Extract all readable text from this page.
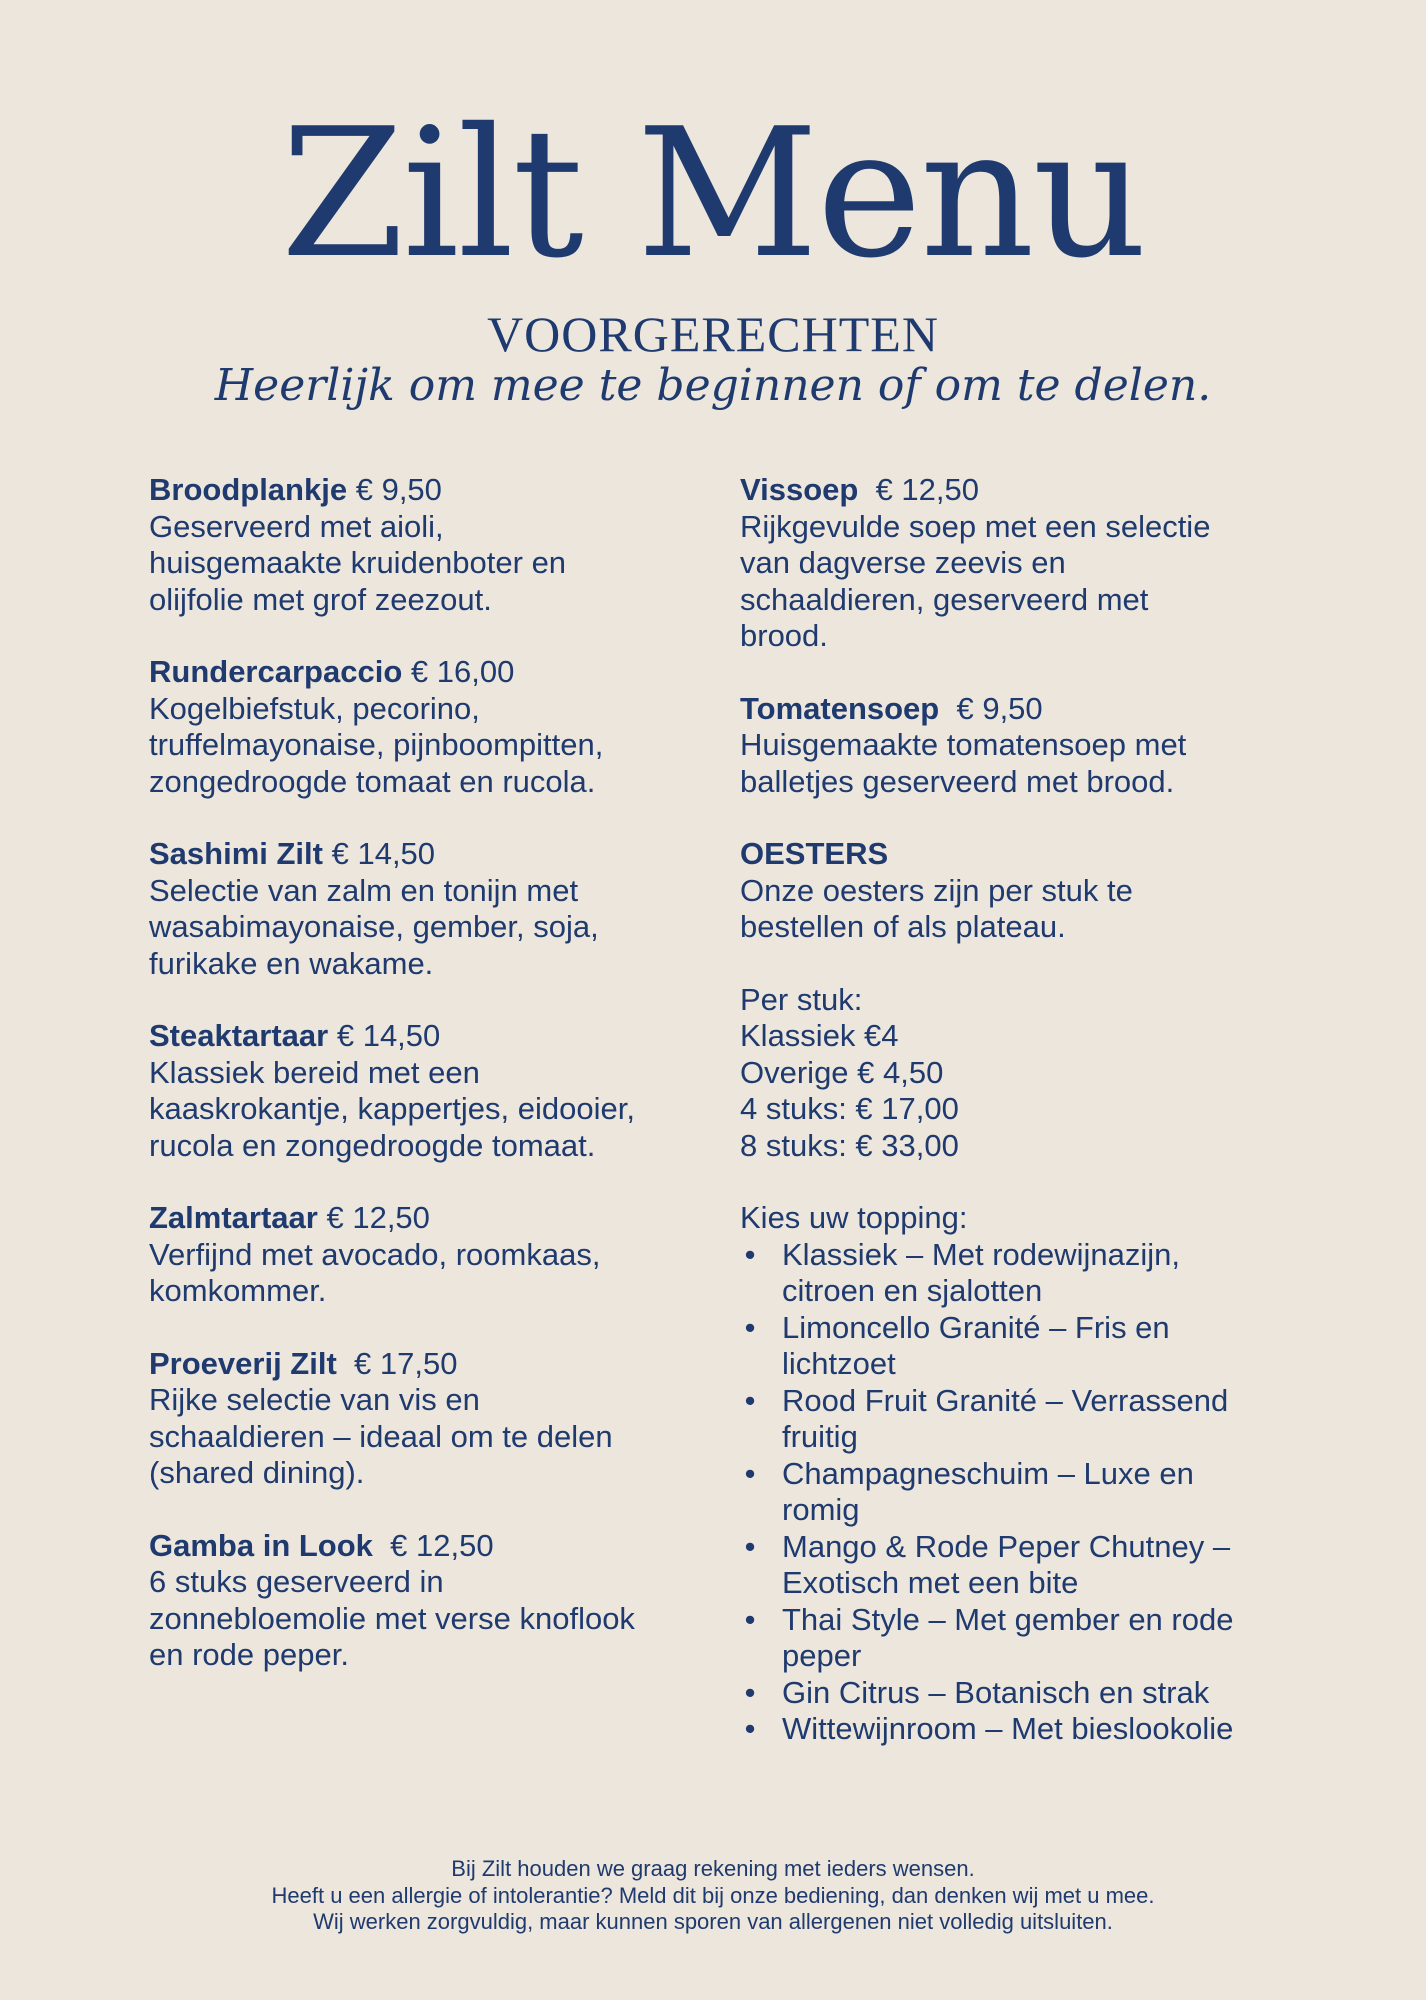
Zilt Menu
VOORGERECHTEN

Heerlijk om mee te beginnen of om te delen.

Broodplankje € 9,50
Geserveerd met aioli,
huisgemaakte kruidenboter en
olijfolie met grof zeezout.
Rundercarpaccio € 16,00
Kogelbiefstuk, pecorino,
truffelmayonaise, pijnboompitten,
zongedroogde tomaat en rucola.
Sashimi Zilt € 14,50
Selectie van zalm en tonijn met
wasabimayonaise, gember, soja,
furikake en wakame.
Steaktartaar € 14,50
Klassiek bereid met een
kaaskrokantje, kappertjes, eidooier,
rucola en zongedroogde tomaat.
Zalmtartaar € 12,50
Verfijnd met avocado, roomkaas,
komkommer.
Proeverij Zilt € 17,50
Rijke selectie van vis en
schaaldieren – ideaal om te delen
(shared dining).
Gamba in Look € 12,50
6 stuks geserveerd in
zonnebloemolie met verse knoflook
en rode peper.
Vissoep € 12,50
Rijkgevulde soep met een selectie
van dagverse zeevis en
schaaldieren, geserveerd met
brood.
Tomatensoep € 9,50
Huisgemaakte tomatensoep met
balletjes geserveerd met brood.
OESTERS
Onze oesters zijn per stuk te
bestellen of als plateau.
Per stuk:
Klassiek €4
Overige € 4,50
4 stuks: € 17,00
8 stuks: € 33,00
Kies uw topping:
• Klassiek – Met rodewijnazijn,
citroen en sjalotten
• Limoncello Granité – Fris en
lichtzoet
• Rood Fruit Granité – Verrassend
fruitig
• Champagneschuim – Luxe en
romig
• Mango & Rode Peper Chutney –
Exotisch met een bite
• Thai Style – Met gember en rode
peper
• Gin Citrus – Botanisch en strak
• Wittewijnroom – Met bieslookolie
Bij Zilt houden we graag rekening met ieders wensen.
Heeft u een allergie of intolerantie? Meld dit bij onze bediening, dan denken wij met u mee.
Wij werken zorgvuldig, maar kunnen sporen van allergenen niet volledig uitsluiten.
